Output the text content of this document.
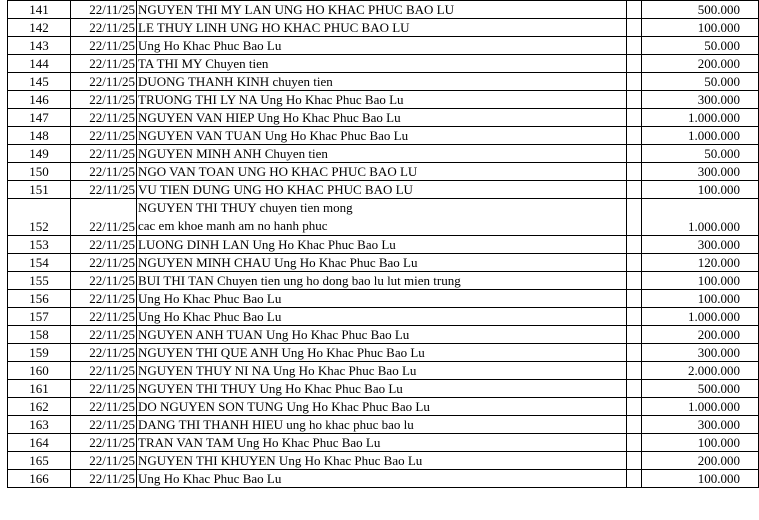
141	22/11/25	NGUYEN THI MY LAN UNG HO KHAC PHUC BAO LU		500.000
142	22/11/25	LE THUY LINH UNG HO KHAC PHUC BAO LU		100.000
143	22/11/25	Ung Ho Khac Phuc Bao Lu		50.000
144	22/11/25	TA THI MY Chuyen tien		200.000
145	22/11/25	DUONG THANH KINH chuyen tien		50.000
146	22/11/25	TRUONG THI LY NA Ung Ho Khac Phuc Bao Lu		300.000
147	22/11/25	NGUYEN VAN HIEP Ung Ho Khac Phuc Bao Lu		1.000.000
148	22/11/25	NGUYEN VAN TUAN Ung Ho Khac Phuc Bao Lu		1.000.000
149	22/11/25	NGUYEN MINH ANH Chuyen tien		50.000
150	22/11/25	NGO VAN TOAN UNG HO KHAC PHUC BAO LU		300.000
151	22/11/25	VU TIEN DUNG UNG HO KHAC PHUC BAO LU		100.000
152	22/11/25	NGUYEN THI THUY chuyen tien mong
cac em khoe manh am no hanh phuc		1.000.000
153	22/11/25	LUONG DINH LAN Ung Ho Khac Phuc Bao Lu		300.000
154	22/11/25	NGUYEN MINH CHAU Ung Ho Khac Phuc Bao Lu		120.000
155	22/11/25	BUI THI TAN Chuyen tien ung ho dong bao lu lut mien trung		100.000
156	22/11/25	Ung Ho Khac Phuc Bao Lu		100.000
157	22/11/25	Ung Ho Khac Phuc Bao Lu		1.000.000
158	22/11/25	NGUYEN ANH TUAN Ung Ho Khac Phuc Bao Lu		200.000
159	22/11/25	NGUYEN THI QUE ANH Ung Ho Khac Phuc Bao Lu		300.000
160	22/11/25	NGUYEN THUY NI NA Ung Ho Khac Phuc Bao Lu		2.000.000
161	22/11/25	NGUYEN THI THUY Ung Ho Khac Phuc Bao Lu		500.000
162	22/11/25	DO NGUYEN SON TUNG Ung Ho Khac Phuc Bao Lu		1.000.000
163	22/11/25	DANG THI THANH HIEU ung ho khac phuc bao lu		300.000
164	22/11/25	TRAN VAN TAM Ung Ho Khac Phuc Bao Lu		100.000
165	22/11/25	NGUYEN THI KHUYEN Ung Ho Khac Phuc Bao Lu		200.000
166	22/11/25	Ung Ho Khac Phuc Bao Lu		100.000
